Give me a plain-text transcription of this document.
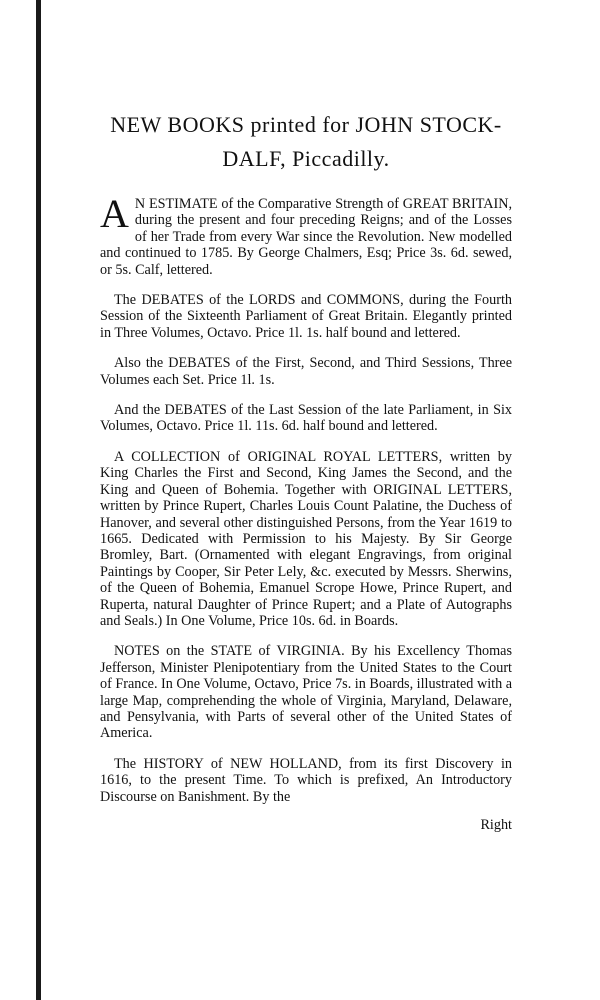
NEW BOOKS printed for JOHN STOCK-
DALF, Piccadilly.

A N ESTIMATE of the Comparative Strength of GREAT BRITAIN, during the present and four preceding Reigns; and of the Losses of her Trade from every War since the Revolution. New modelled and continued to 1785. By George Chalmers, Esq; Price 3s. 6d. sewed, or 5s. Calf, lettered.

The DEBATES of the LORDS and COMMONS, during the Fourth Session of the Sixteenth Parliament of Great Britain. Elegantly printed in Three Volumes, Octavo. Price 1l. 1s. half bound and lettered.

Also the DEBATES of the First, Second, and Third Sessions, Three Volumes each Set. Price 1l. 1s.

And the DEBATES of the Last Session of the late Parliament, in Six Volumes, Octavo. Price 1l. 11s. 6d. half bound and lettered.

A COLLECTION of ORIGINAL ROYAL LETTERS, written by King Charles the First and Second, King James the Second, and the King and Queen of Bohemia. Together with ORIGINAL LETTERS, written by Prince Rupert, Charles Louis Count Palatine, the Duchess of Hanover, and several other distinguished Persons, from the Year 1619 to 1665. Dedicated with Permission to his Majesty. By Sir George Bromley, Bart. (Ornamented with elegant Engravings, from original Paintings by Cooper, Sir Peter Lely, &c. executed by Messrs. Sherwins, of the Queen of Bohemia, Emanuel Scrope Howe, Prince Rupert, and Ruperta, natural Daughter of Prince Rupert; and a Plate of Autographs and Seals.) In One Volume, Price 10s. 6d. in Boards.

NOTES on the STATE of VIRGINIA. By his Excellency Thomas Jefferson, Minister Plenipotentiary from the United States to the Court of France. In One Volume, Octavo, Price 7s. in Boards, illustrated with a large Map, comprehending the whole of Virginia, Maryland, Delaware, and Pensylvania, with Parts of several other of the United States of America.

The HISTORY of NEW HOLLAND, from its first Discovery in 1616, to the present Time. To which is prefixed, An Introductory Discourse on Banishment. By the

Right
